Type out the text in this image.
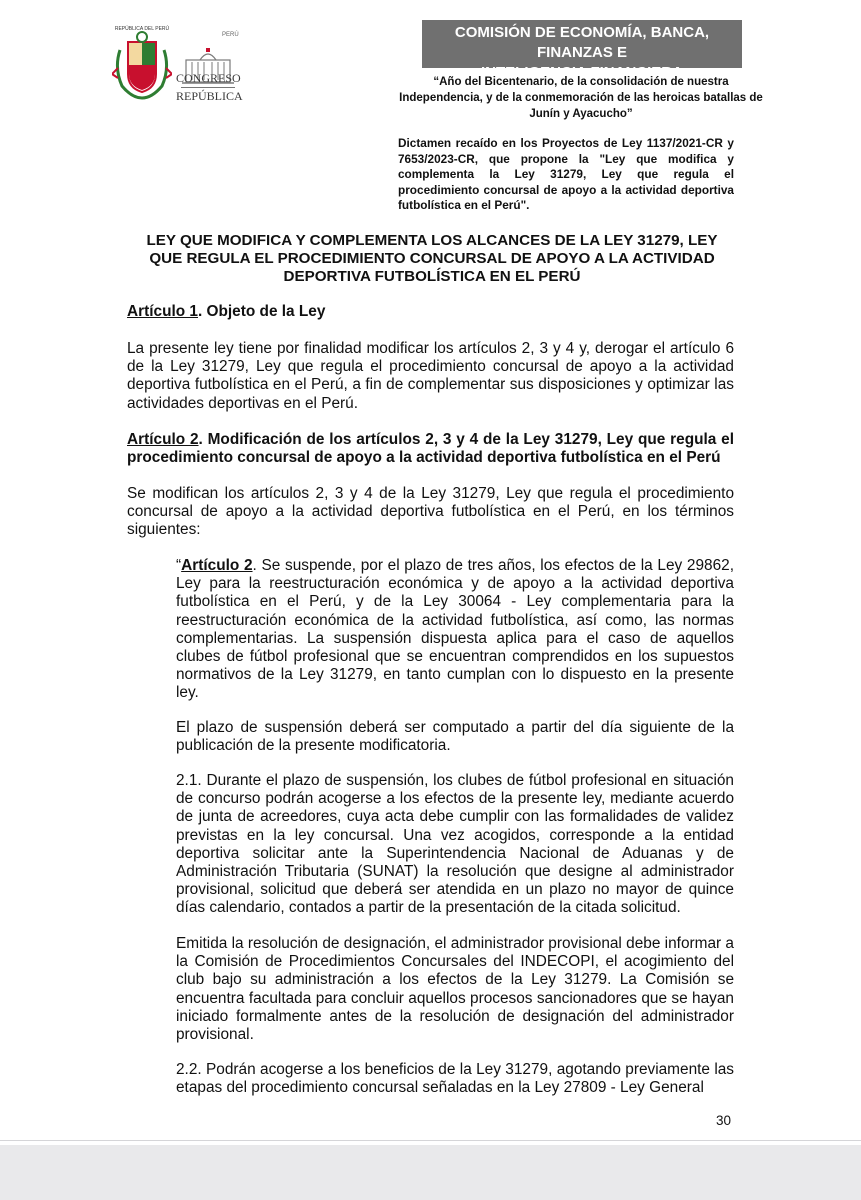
REPÚBLICA DEL PERÚ
PERÚ
CONGRESO
REPÚBLICA
COMISIÓN DE ECONOMÍA, BANCA, FINANZAS E
INTELIGENCIA FINANCIERA
“Año del Bicentenario, de la consolidación de nuestra
Independencia, y de la conmemoración de las heroicas batallas de
Junín y Ayacucho”
Dictamen recaído en los Proyectos de Ley 1137/2021-CR y 7653/2023-CR, que propone la "Ley que modifica y complementa la Ley 31279, Ley que regula el procedimiento concursal de apoyo a la actividad deportiva futbolística en el Perú".
LEY QUE MODIFICA Y COMPLEMENTA LOS ALCANCES DE LA LEY 31279, LEY
QUE REGULA EL PROCEDIMIENTO CONCURSAL DE APOYO A LA ACTIVIDAD
DEPORTIVA FUTBOLÍSTICA EN EL PERÚ
Artículo 1. Objeto de la Ley
La presente ley tiene por finalidad modificar los artículos 2, 3 y 4 y, derogar el artículo 6 de la Ley 31279, Ley que regula el procedimiento concursal de apoyo a la actividad deportiva futbolística en el Perú, a fin de complementar sus disposiciones y optimizar las actividades deportivas en el Perú.
Artículo 2. Modificación de los artículos 2, 3 y 4 de la Ley 31279, Ley que regula el procedimiento concursal de apoyo a la actividad deportiva futbolística en el Perú
Se modifican los artículos 2, 3 y 4 de la Ley 31279, Ley que regula el procedimiento concursal de apoyo a la actividad deportiva futbolística en el Perú, en los términos siguientes:
“Artículo 2. Se suspende, por el plazo de tres años, los efectos de la Ley 29862, Ley para la reestructuración económica y de apoyo a la actividad deportiva futbolística en el Perú, y de la Ley 30064 - Ley complementaria para la reestructuración económica de la actividad futbolística, así como, las normas complementarias. La suspensión dispuesta aplica para el caso de aquellos clubes de fútbol profesional que se encuentran comprendidos en los supuestos normativos de la Ley 31279, en tanto cumplan con lo dispuesto en la presente ley.
El plazo de suspensión deberá ser computado a partir del día siguiente de la publicación de la presente modificatoria.
2.1. Durante el plazo de suspensión, los clubes de fútbol profesional en situación de concurso podrán acogerse a los efectos de la presente ley, mediante acuerdo de junta de acreedores, cuya acta debe cumplir con las formalidades de validez previstas en la ley concursal. Una vez acogidos, corresponde a la entidad deportiva solicitar ante la Superintendencia Nacional de Aduanas y de Administración Tributaria (SUNAT) la resolución que designe al administrador provisional, solicitud que deberá ser atendida en un plazo no mayor de quince días calendario, contados a partir de la presentación de la citada solicitud.
Emitida la resolución de designación, el administrador provisional debe informar a la Comisión de Procedimientos Concursales del INDECOPI, el acogimiento del club bajo su administración a los efectos de la Ley 31279. La Comisión se encuentra facultada para concluir aquellos procesos sancionadores que se hayan iniciado formalmente antes de la resolución de designación del administrador provisional.
2.2. Podrán acogerse a los beneficios de la Ley 31279, agotando previamente las etapas del procedimiento concursal señaladas en la Ley 27809 - Ley General
30
